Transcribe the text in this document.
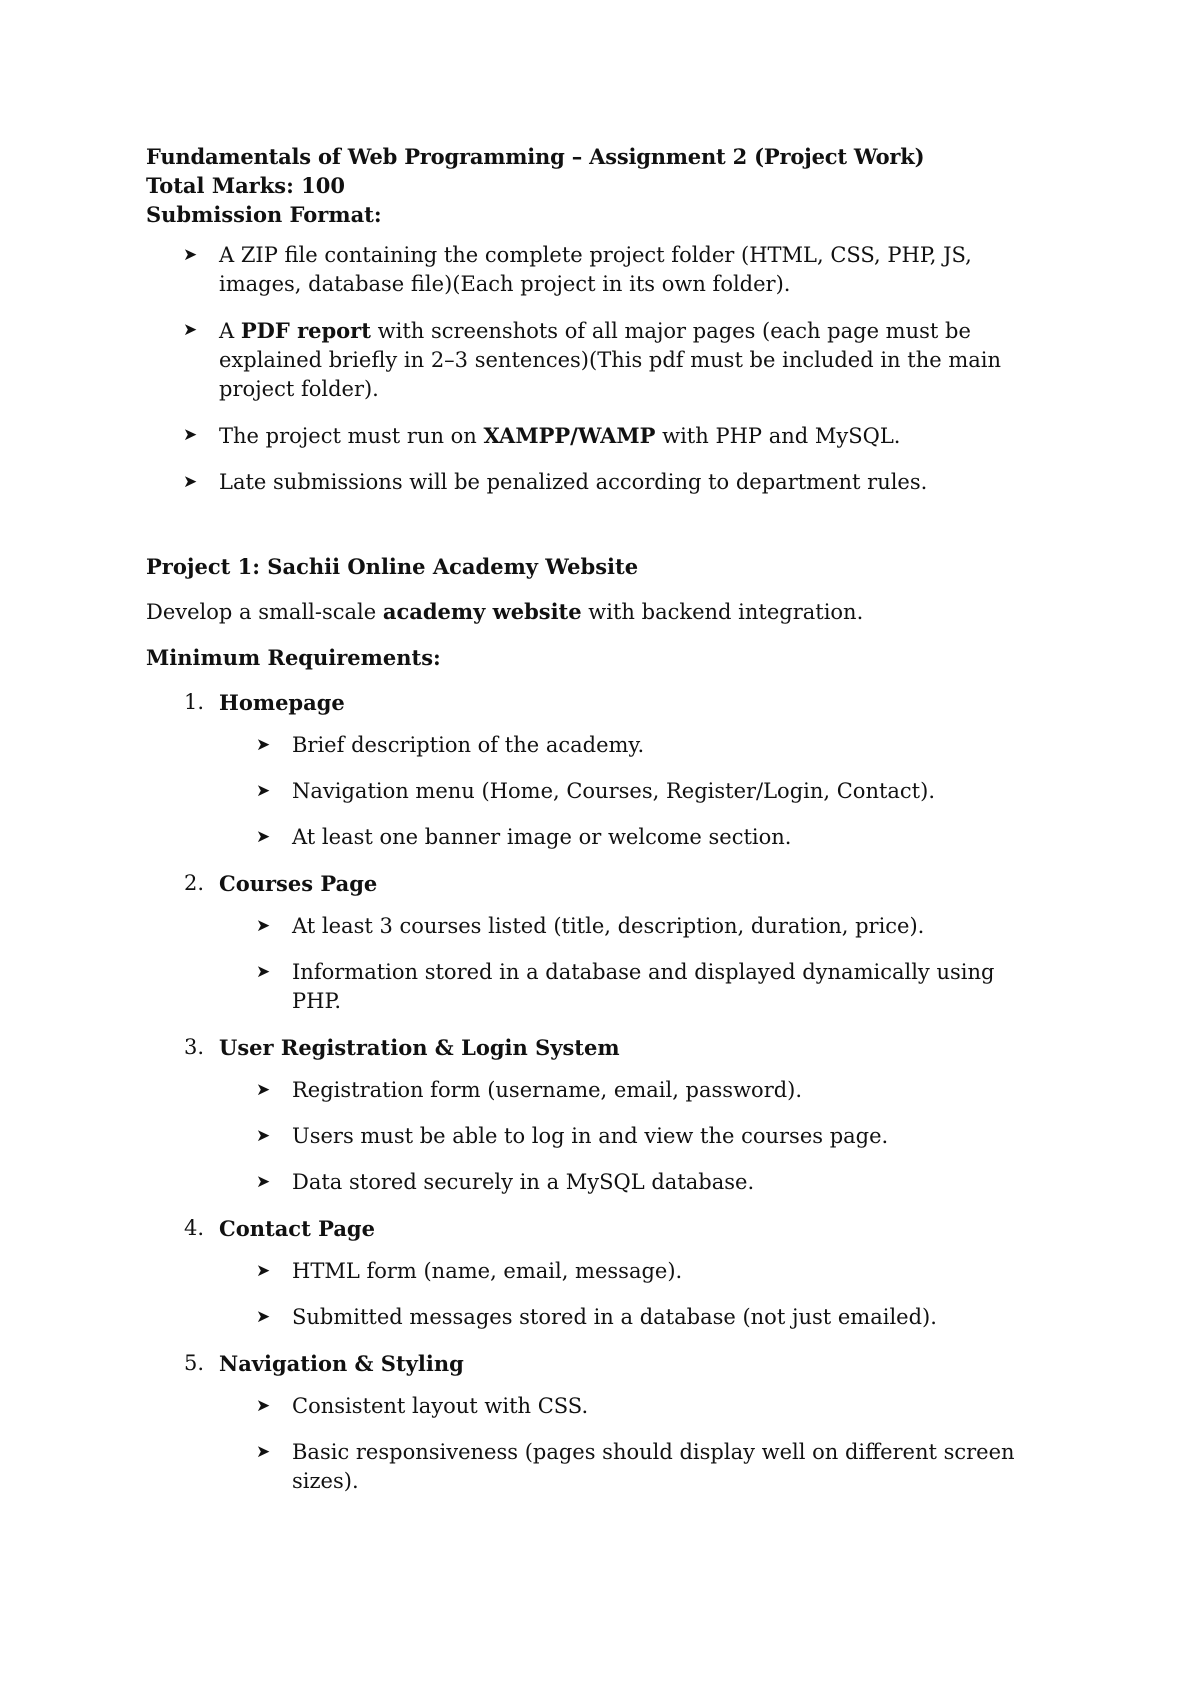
Fundamentals of Web Programming – Assignment 2 (Project Work)

Total Marks: 100

Submission Format:

➤ A ZIP file containing the complete project folder (HTML, CSS, PHP, JS, images, database file)(Each project in its own folder).
➤ A PDF report with screenshots of all major pages (each page must be explained briefly in 2–3 sentences)(This pdf must be included in the main project folder).
➤ The project must run on XAMPP/WAMP with PHP and MySQL.
➤ Late submissions will be penalized according to department rules.

Project 1: Sachii Online Academy Website

Develop a small-scale academy website with backend integration.

Minimum Requirements:

1. Homepage
➤ Brief description of the academy.
➤ Navigation menu (Home, Courses, Register/Login, Contact).
➤ At least one banner image or welcome section.
2. Courses Page
➤ At least 3 courses listed (title, description, duration, price).
➤ Information stored in a database and displayed dynamically using PHP.
3. User Registration & Login System
➤ Registration form (username, email, password).
➤ Users must be able to log in and view the courses page.
➤ Data stored securely in a MySQL database.
4. Contact Page
➤ HTML form (name, email, message).
➤ Submitted messages stored in a database (not just emailed).
5. Navigation & Styling
➤ Consistent layout with CSS.
➤ Basic responsiveness (pages should display well on different screen sizes).
